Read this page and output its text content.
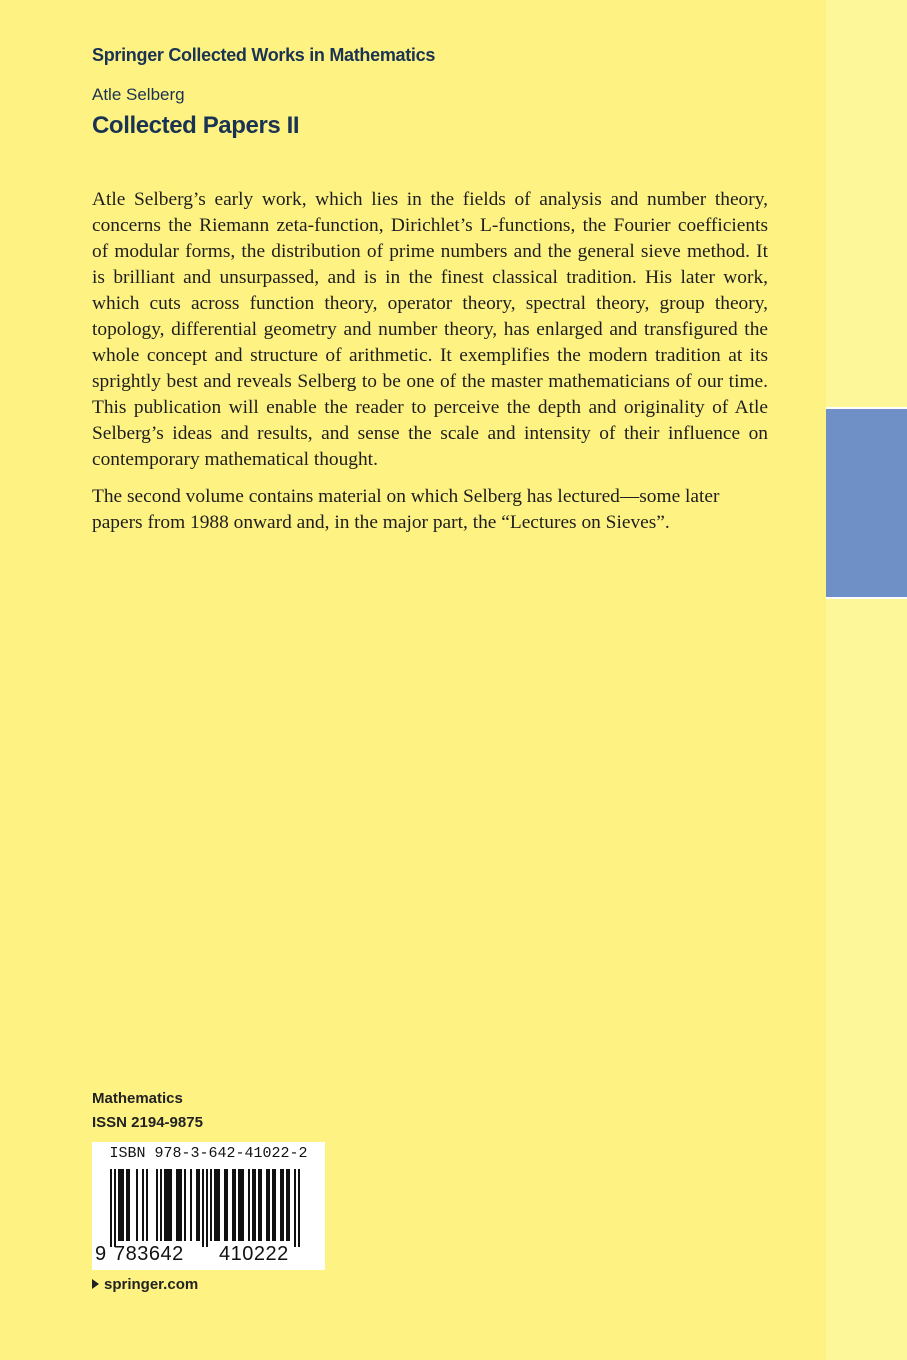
Springer Collected Works in Mathematics
Atle Selberg
Collected Papers II

Atle Selberg’s early work, which lies in the fields of analysis and number theory, concerns the Riemann zeta-function, Dirichlet’s L-functions, the Fourier coefficients of modular forms, the distribution of prime numbers and the general sieve method. It is brilliant and unsurpassed, and is in the finest classical tradition. His later work, which cuts across function theory, operator theory, spectral theory, group theory, topology, differential geometry and number theory, has enlarged and transfigured the whole concept and structure of arithmetic. It exemplifies the modern tradition at its sprightly best and reveals Selberg to be one of the master mathematicians of our time. This publication will enable the reader to perceive the depth and originality of Atle Selberg’s ideas and results, and sense the scale and intensity of their influence on contemporary mathematical thought.

The second volume contains material on which Selberg has lectured—some later papers from 1988 onward and, in the major part, the “Lectures on Sieves”.

Mathematics
ISSN 2194-9875
ISBN 978-3-642-41022-2
9 783642 410222
springer.com
